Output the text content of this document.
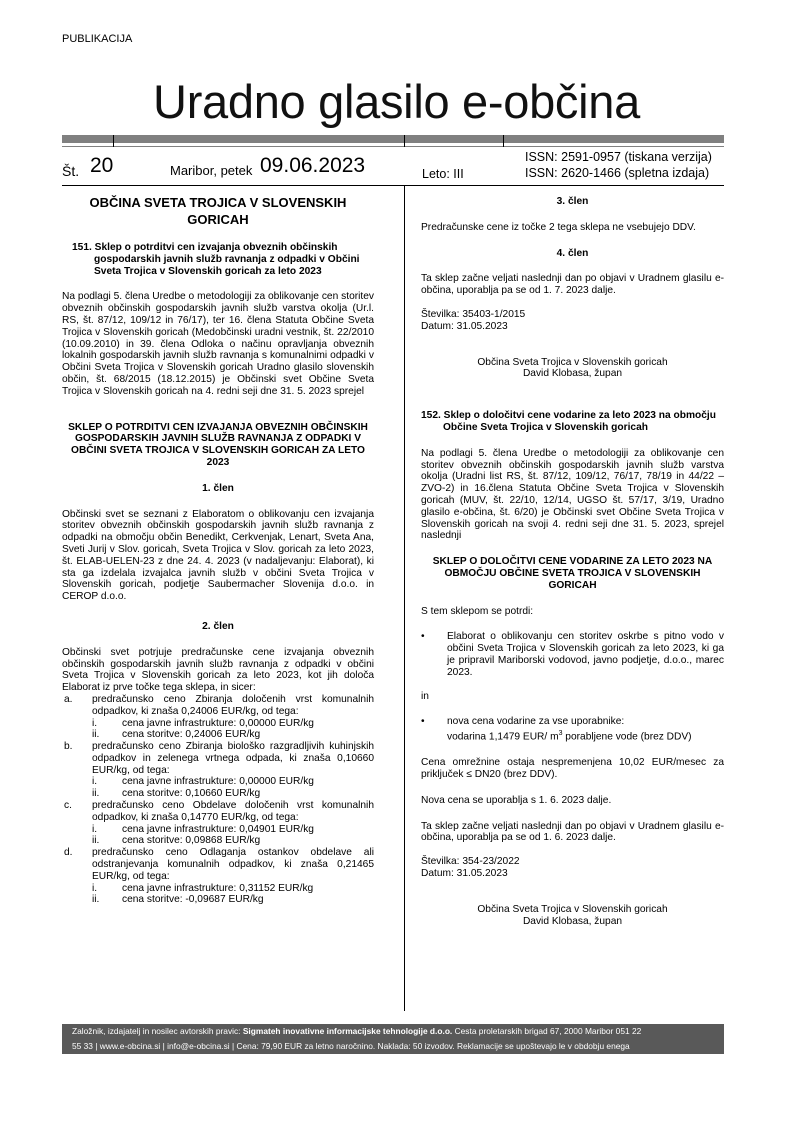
PUBLIKACIJA
Uradno glasilo e-občina
Št. 20	Maribor, petek 09.06.2023	Leto: III
ISSN: 2591-0957 (tiskana verzija)
ISSN: 2620-1466 (spletna izdaja)
OBČINA SVETA TROJICA V SLOVENSKIH GORICAH

151. Sklep o potrditvi cen izvajanja obveznih občinskih gospodarskih javnih služb ravnanja z odpadki v Občini Sveta Trojica v Slovenskih goricah za leto 2023

Na podlagi 5. člena Uredbe o metodologiji za oblikovanje cen storitev obveznih občinskih gospodarskih javnih služb varstva okolja (Ur.l. RS, št. 87/12, 109/12 in 76/17), ter 16. člena Statuta Občine Sveta Trojica v Slovenskih goricah (Medobčinski uradni vestnik, št. 22/2010 (10.09.2010) in 39. člena Odloka o načinu opravljanja obveznih lokalnih gospodarskih javnih služb ravnanja s komunalnimi odpadki v Občini Sveta Trojica v Slovenskih goricah Uradno glasilo slovenskih občin, št. 68/2015 (18.12.2015) je Občinski svet Občine Sveta Trojica v Slovenskih goricah na 4. redni seji dne 31. 5. 2023 sprejel

SKLEP O POTRDITVI CEN IZVAJANJA OBVEZNIH OBČINSKIH GOSPODARSKIH JAVNIH SLUŽB RAVNANJA Z ODPADKI V OBČINI SVETA TROJICA V SLOVENSKIH GORICAH ZA LETO 2023

1. člen

Občinski svet se seznani z Elaboratom o oblikovanju cen izvajanja storitev obveznih občinskih gospodarskih javnih služb ravnanja z odpadki na območju občin Benedikt, Cerkvenjak, Lenart, Sveta Ana, Sveti Jurij v Slov. goricah, Sveta Trojica v Slov. goricah za leto 2023, št. ELAB-UELEN-23 z dne 24. 4. 2023 (v nadaljevanju: Elaborat), ki sta ga izdelala izvajalca javnih služb v občini Sveta Trojica v Slovenskih goricah, podjetje Saubermacher Slovenija d.o.o. in CEROP d.o.o.

2. člen

Občinski svet potrjuje predračunske cene izvajanja obveznih občinskih gospodarskih javnih služb ravnanja z odpadki v občini Sveta Trojica v Slovenskih goricah za leto 2023, kot jih določa Elaborat iz prve točke tega sklepa, in sicer:

a. predračunsko ceno Zbiranja določenih vrst komunalnih odpadkov, ki znaša 0,24006 EUR/kg, od tega:
i. cena javne infrastrukture: 0,00000 EUR/kg
ii. cena storitve: 0,24006 EUR/kg
b. predračunsko ceno Zbiranja biološko razgradljivih kuhinjskih odpadkov in zelenega vrtnega odpada, ki znaša 0,10660 EUR/kg, od tega:
i. cena javne infrastrukture: 0,00000 EUR/kg
ii. cena storitve: 0,10660 EUR/kg
c. predračunsko ceno Obdelave določenih vrst komunalnih odpadkov, ki znaša 0,14770 EUR/kg, od tega:
i. cena javne infrastrukture: 0,04901 EUR/kg
ii. cena storitve: 0,09868 EUR/kg
d. predračunsko ceno Odlaganja ostankov obdelave ali odstranjevanja komunalnih odpadkov, ki znaša 0,21465 EUR/kg, od tega:
i. cena javne infrastrukture: 0,31152 EUR/kg
ii. cena storitve: -0,09687 EUR/kg

3. člen

Predračunske cene iz točke 2 tega sklepa ne vsebujejo DDV.

4. člen

Ta sklep začne veljati naslednji dan po objavi v Uradnem glasilu e-občina, uporablja pa se od 1. 7. 2023 dalje.

Številka: 35403-1/2015

Datum: 31.05.2023

Občina Sveta Trojica v Slovenskih goricah

David Klobasa, župan

152. Sklep o določitvi cene vodarine za leto 2023 na območju Občine Sveta Trojica v Slovenskih goricah

Na podlagi 5. člena Uredbe o metodologiji za oblikovanje cen storitev obveznih občinskih gospodarskih javnih služb varstva okolja (Uradni list RS, št. 87/12, 109/12, 76/17, 78/19 in 44/22 – ZVO-2) in 16.člena Statuta Občine Sveta Trojica v Slovenskih goricah (MUV, št. 22/10, 12/14, UGSO št. 57/17, 3/19, Uradno glasilo e-občina, št. 6/20) je Občinski svet Občine Sveta Trojica v Slovenskih goricah na svoji 4. redni seji dne 31. 5. 2023, sprejel naslednji

SKLEP O DOLOČITVI CENE VODARINE ZA LETO 2023 NA OBMOČJU OBČINE SVETA TROJICA V SLOVENSKIH GORICAH

S tem sklepom se potrdi:

• Elaborat o oblikovanju cen storitev oskrbe s pitno vodo v občini Sveta Trojica v Slovenskih goricah za leto 2023, ki ga je pripravil Mariborski vodovod, javno podjetje, d.o.o., marec 2023.

in

• nova cena vodarine za vse uporabnike:
vodarina 1,1479 EUR/ $m^3$ porabljene vode (brez DDV)

Cena omrežnine ostaja nespremenjena 10,02 EUR/mesec za priključek ≤ DN20 (brez DDV).

Nova cena se uporablja s 1. 6. 2023 dalje.

Ta sklep začne veljati naslednji dan po objavi v Uradnem glasilu e-občina, uporablja pa se od 1. 6. 2023 dalje.

Številka: 354-23/2022

Datum: 31.05.2023

Občina Sveta Trojica v Slovenskih goricah

David Klobasa, župan

Založnik, izdajatelj in nosilec avtorskih pravic: Sigmateh inovativne informacijske tehnologije d.o.o. Cesta proletarskih brigad 67, 2000 Maribor 051 22
55 33 | www.e-obcina.si | info@e-obcina.si | Cena: 79,90 EUR za letno naročnino. Naklada: 50 izvodov. Reklamacije se upoštevajo le v obdobju enega
